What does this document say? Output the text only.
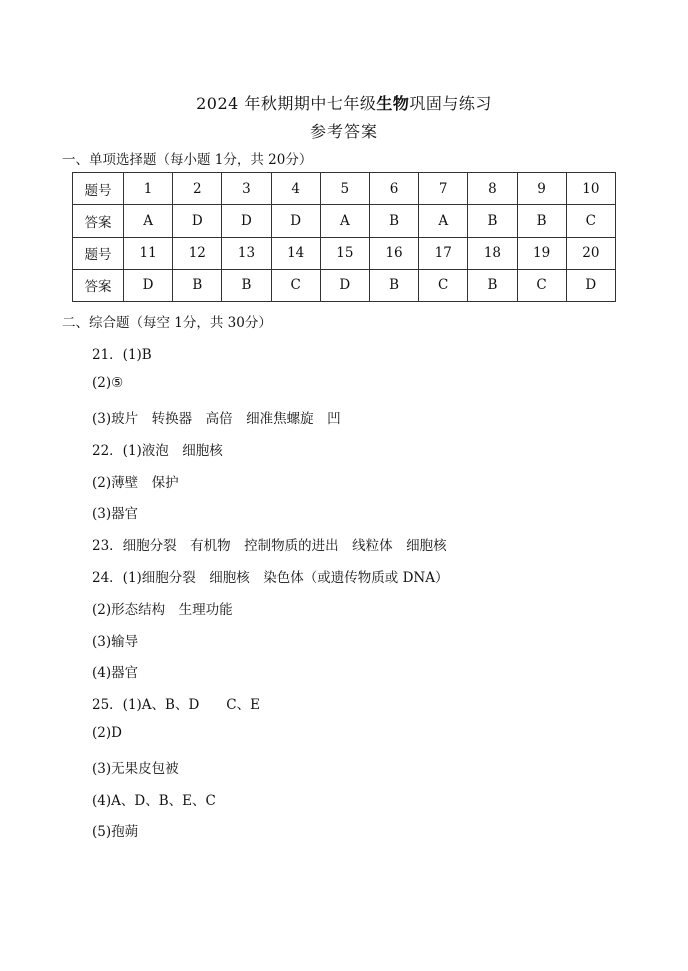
2024 年秋期期中七年级生物巩固与练习
参考答案
一、单项选择题（每小题 1分，共 20分）
题号	1	2	3	4	5	6	7	8	9	10
答案	A	D	D	D	A	B	A	B	B	C
题号	11	12	13	14	15	16	17	18	19	20
答案	D	B	B	C	D	B	C	B	C	D
二、综合题（每空 1分，共 30分）
21．(1)B
(2)⑤
(3)玻片　转换器　高倍　细准焦螺旋　凹
22．(1)液泡　细胞核
(2)薄壁　保护
(3)器官
23．细胞分裂　有机物　控制物质的进出　线粒体　细胞核
24．(1)细胞分裂　细胞核　染色体（或遗传物质或 DNA）
(2)形态结构　生理功能
(3)输导
(4)器官
25．(1)A、B、D　　C、E
(2)D
(3)无果皮包被
(4)A、D、B、E、C
(5)孢蒴
